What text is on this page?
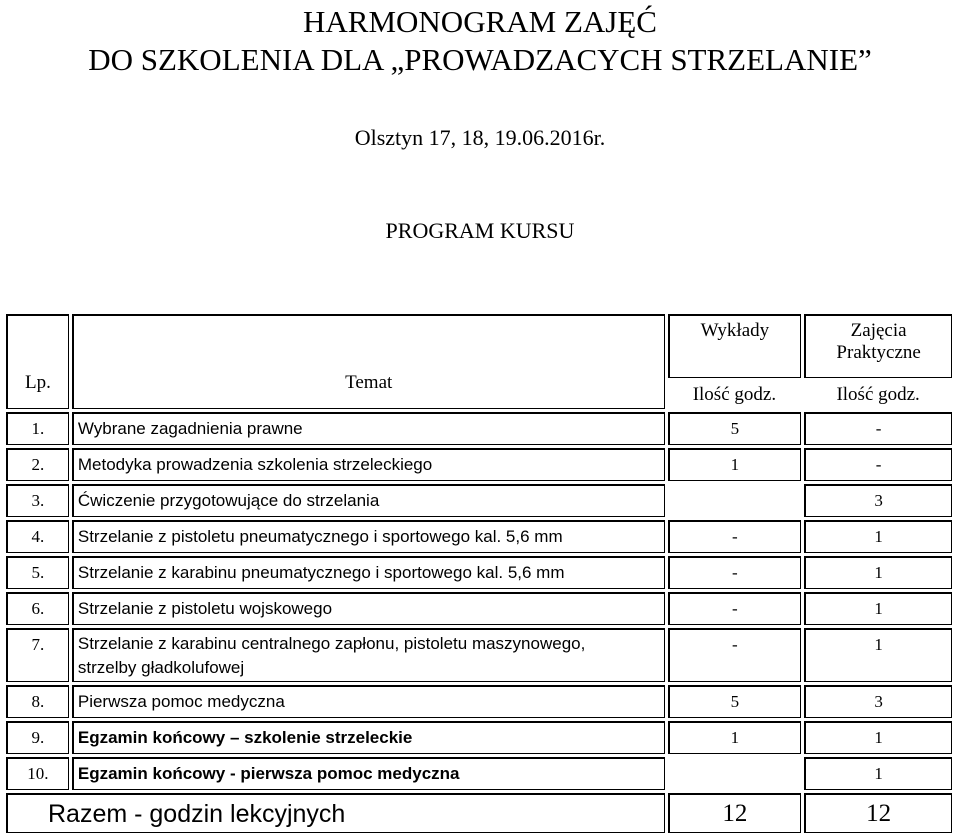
HARMONOGRAM ZAJĘĆ
DO SZKOLENIA DLA „PROWADZACYCH STRZELANIE”
Olsztyn 17, 18, 19.06.2016r.
PROGRAM KURSU
Lp.	Temat	Wykłady	Zajęcia
Praktyczne

		Ilość godz.	Ilość godz.
1.	Wybrane zagadnienia prawne	5	-
2.	Metodyka prowadzenia szkolenia strzeleckiego	1	-
3.	Ćwiczenie przygotowujące do strzelania		3
4.	Strzelanie z pistoletu pneumatycznego i sportowego kal. 5,6 mm	-	1
5.	Strzelanie z karabinu pneumatycznego i sportowego kal. 5,6 mm	-	1
6.	Strzelanie z pistoletu wojskowego	-	1
7.	Strzelanie z karabinu centralnego zapłonu, pistoletu maszynowego,
strzelby gładkolufowej	-	1
8.	Pierwsza pomoc medyczna	5	3
9.	Egzamin końcowy – szkolenie strzeleckie	1	1
10.	Egzamin końcowy - pierwsza pomoc medyczna		1
Razem - godzin lekcyjnych		12	12
